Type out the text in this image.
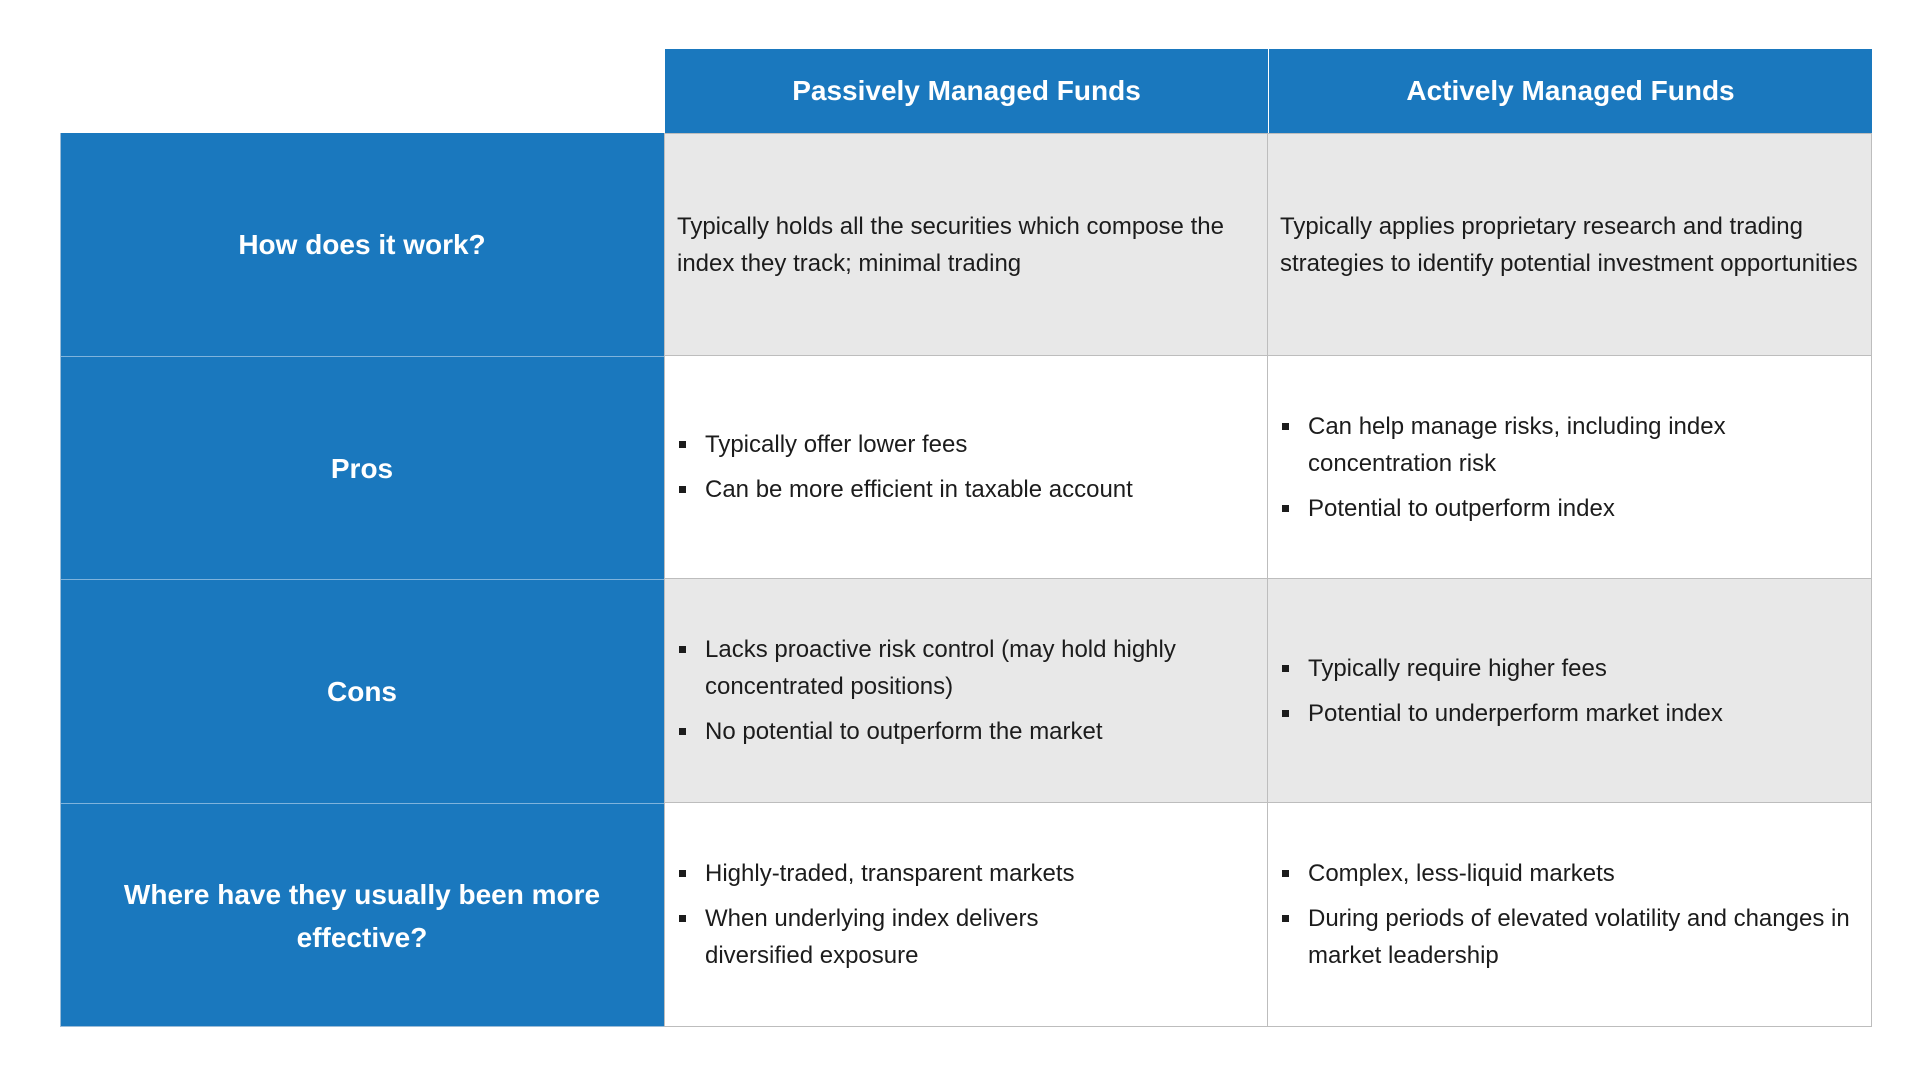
Passively Managed Funds	Actively Managed Funds
How does it work?
Typically holds all the securities which compose the index they track; minimal trading
Typically applies proprietary research and trading strategies to identify potential investment opportunities
Pros
Typically offer lower fees
Can be more efficient in taxable account
Can help manage risks, including index concentration risk
Potential to outperform index
Cons
Lacks proactive risk control (may hold highly concentrated positions)
No potential to outperform the market
Typically require higher fees
Potential to underperform market index
Where have they usually been more effective?
Highly-traded, transparent markets
When underlying index delivers diversified exposure
Complex, less-liquid markets
During periods of elevated volatility and changes in market leadership
